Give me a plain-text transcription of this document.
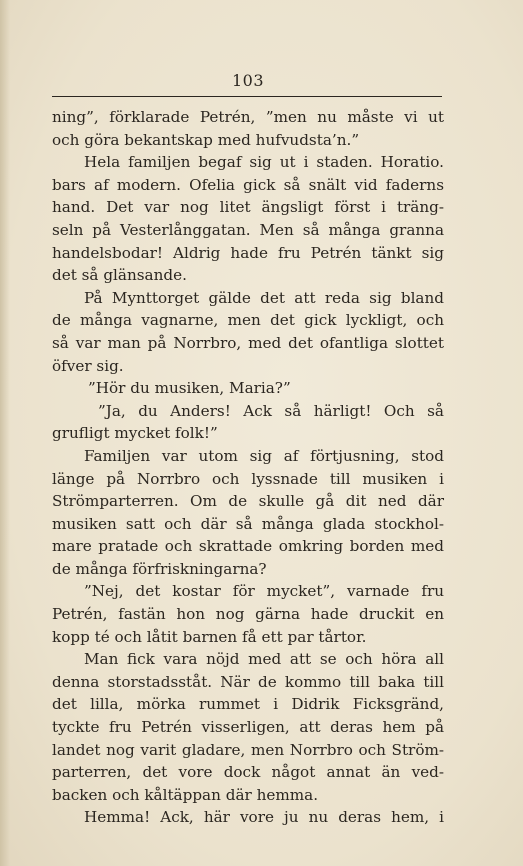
103
ning”, förklarade Petrén, ”men nu måste vi ut
och göra bekantskap med hufvudsta’n.”
Hela familjen begaf sig ut i staden. Horatio.
bars af modern. Ofelia gick så snält vid faderns
hand. Det var nog litet ängsligt först i träng-
seln på Vesterlånggatan. Men så många granna
handelsbodar! Aldrig hade fru Petrén tänkt sig
det så glänsande.
På Mynttorget gälde det att reda sig bland
de många vagnarne, men det gick lyckligt, och
så var man på Norrbro, med det ofantliga slottet
öfver sig.
”Hör du musiken, Maria?”
”Ja, du Anders! Ack så härligt! Och så
grufligt mycket folk!”
Familjen var utom sig af förtjusning, stod
länge på Norrbro och lyssnade till musiken i
Strömparterren. Om de skulle gå dit ned där
musiken satt och där så många glada stockhol-
mare pratade och skrattade omkring borden med
de många förfriskningarna?
”Nej, det kostar för mycket”, varnade fru
Petrén, fastän hon nog gärna hade druckit en
kopp té och låtit barnen få ett par tårtor.
Man fick vara nöjd med att se och höra all
denna storstadsståt. När de kommo till baka till
det lilla, mörka rummet i Didrik Ficksgränd,
tyckte fru Petrén visserligen, att deras hem på
landet nog varit gladare, men Norrbro och Ström-
parterren, det vore dock något annat än ved-
backen och kåltäppan där hemma.
Hemma! Ack, här vore ju nu deras hem, i
